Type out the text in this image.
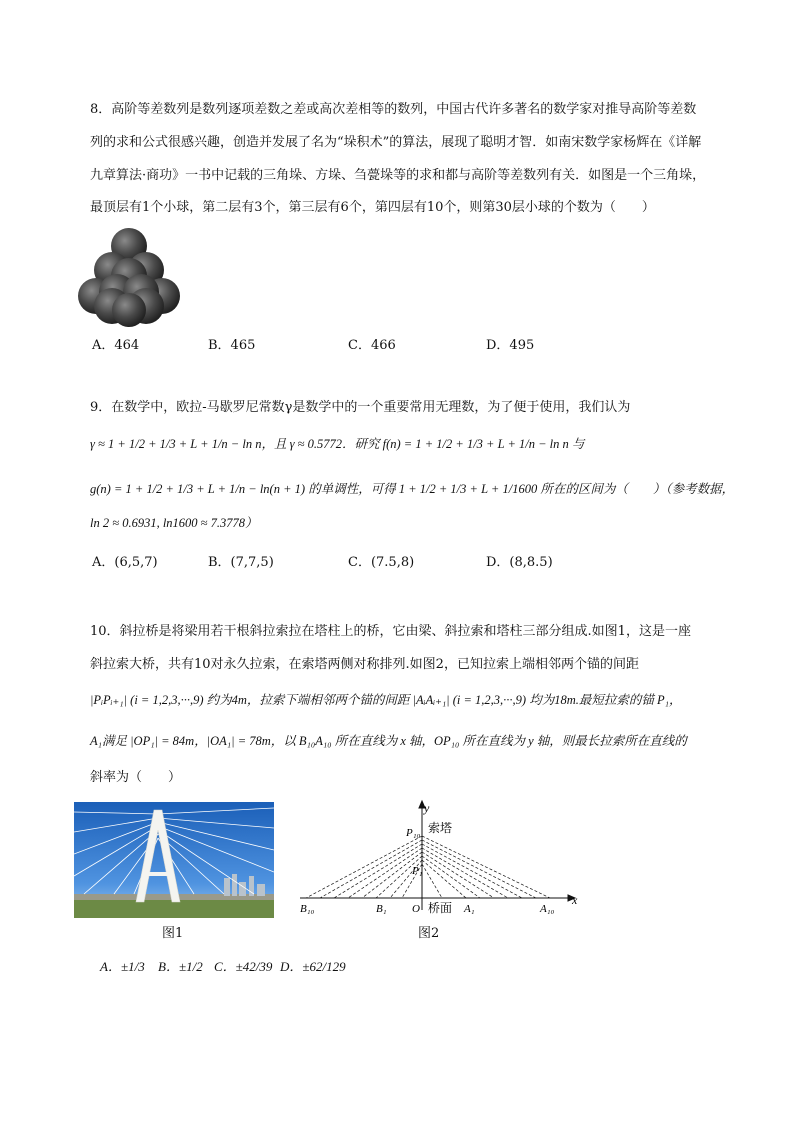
8．高阶等差数列是数列逐项差数之差或高次差相等的数列，中国古代许多著名的数学家对推导高阶等差数
列的求和公式很感兴趣，创造并发展了名为“垛积术”的算法，展现了聪明才智．如南宋数学家杨辉在《详解
九章算法·商功》一书中记载的三角垛、方垛、刍甍垛等的求和都与高阶等差数列有关．如图是一个三角垛，
最顶层有1个小球，第二层有3个，第三层有6个，第四层有10个，则第30层小球的个数为（　　）
A．464	B．465	C．466	D．495
9．在数学中，欧拉-马歇罗尼常数γ是数学中的一个重要常用无理数，为了便于使用，我们认为
γ ≈ 1 + 1/2 + 1/3 + L + 1/n − ln n，且 γ ≈ 0.5772．研究 f(n) = 1 + 1/2 + 1/3 + L + 1/n − ln n 与
g(n) = 1 + 1/2 + 1/3 + L + 1/n − ln(n + 1) 的单调性，可得 1 + 1/2 + 1/3 + L + 1/1600 所在的区间为（　　）（参考数据，
ln 2 ≈ 0.6931, ln1600 ≈ 7.3778）
A．(6,5,7)	B．(7,7,5)	C．(7.5,8)	D．(8,8.5)
10．斜拉桥是将梁用若干根斜拉索拉在塔柱上的桥，它由梁、斜拉索和塔柱三部分组成.如图1，这是一座
斜拉索大桥，共有10对永久拉索，在索塔两侧对称排列.如图2，已知拉索上端相邻两个锚的间距
|PᵢPᵢ₊₁| (i = 1,2,3,···,9) 约为4m，拉索下端相邻两个锚的间距 |AᵢAᵢ₊₁| (i = 1,2,3,···,9) 均为18m.最短拉索的锚 P₁，
A₁满足 |OP₁| = 84m，|OA₁| = 78m，以 B₁₀A₁₀ 所在直线为 x 轴，OP₁₀ 所在直线为 y 轴，则最长拉索所在直线的
斜率为（　　）
图1
y
x
P₁₀ 索塔
P₁
B₁₀	B₁ O 桥面 A₁	A₁₀
图2
A．±1/3 B．±1/2 C．±42/39 D．±62/129
